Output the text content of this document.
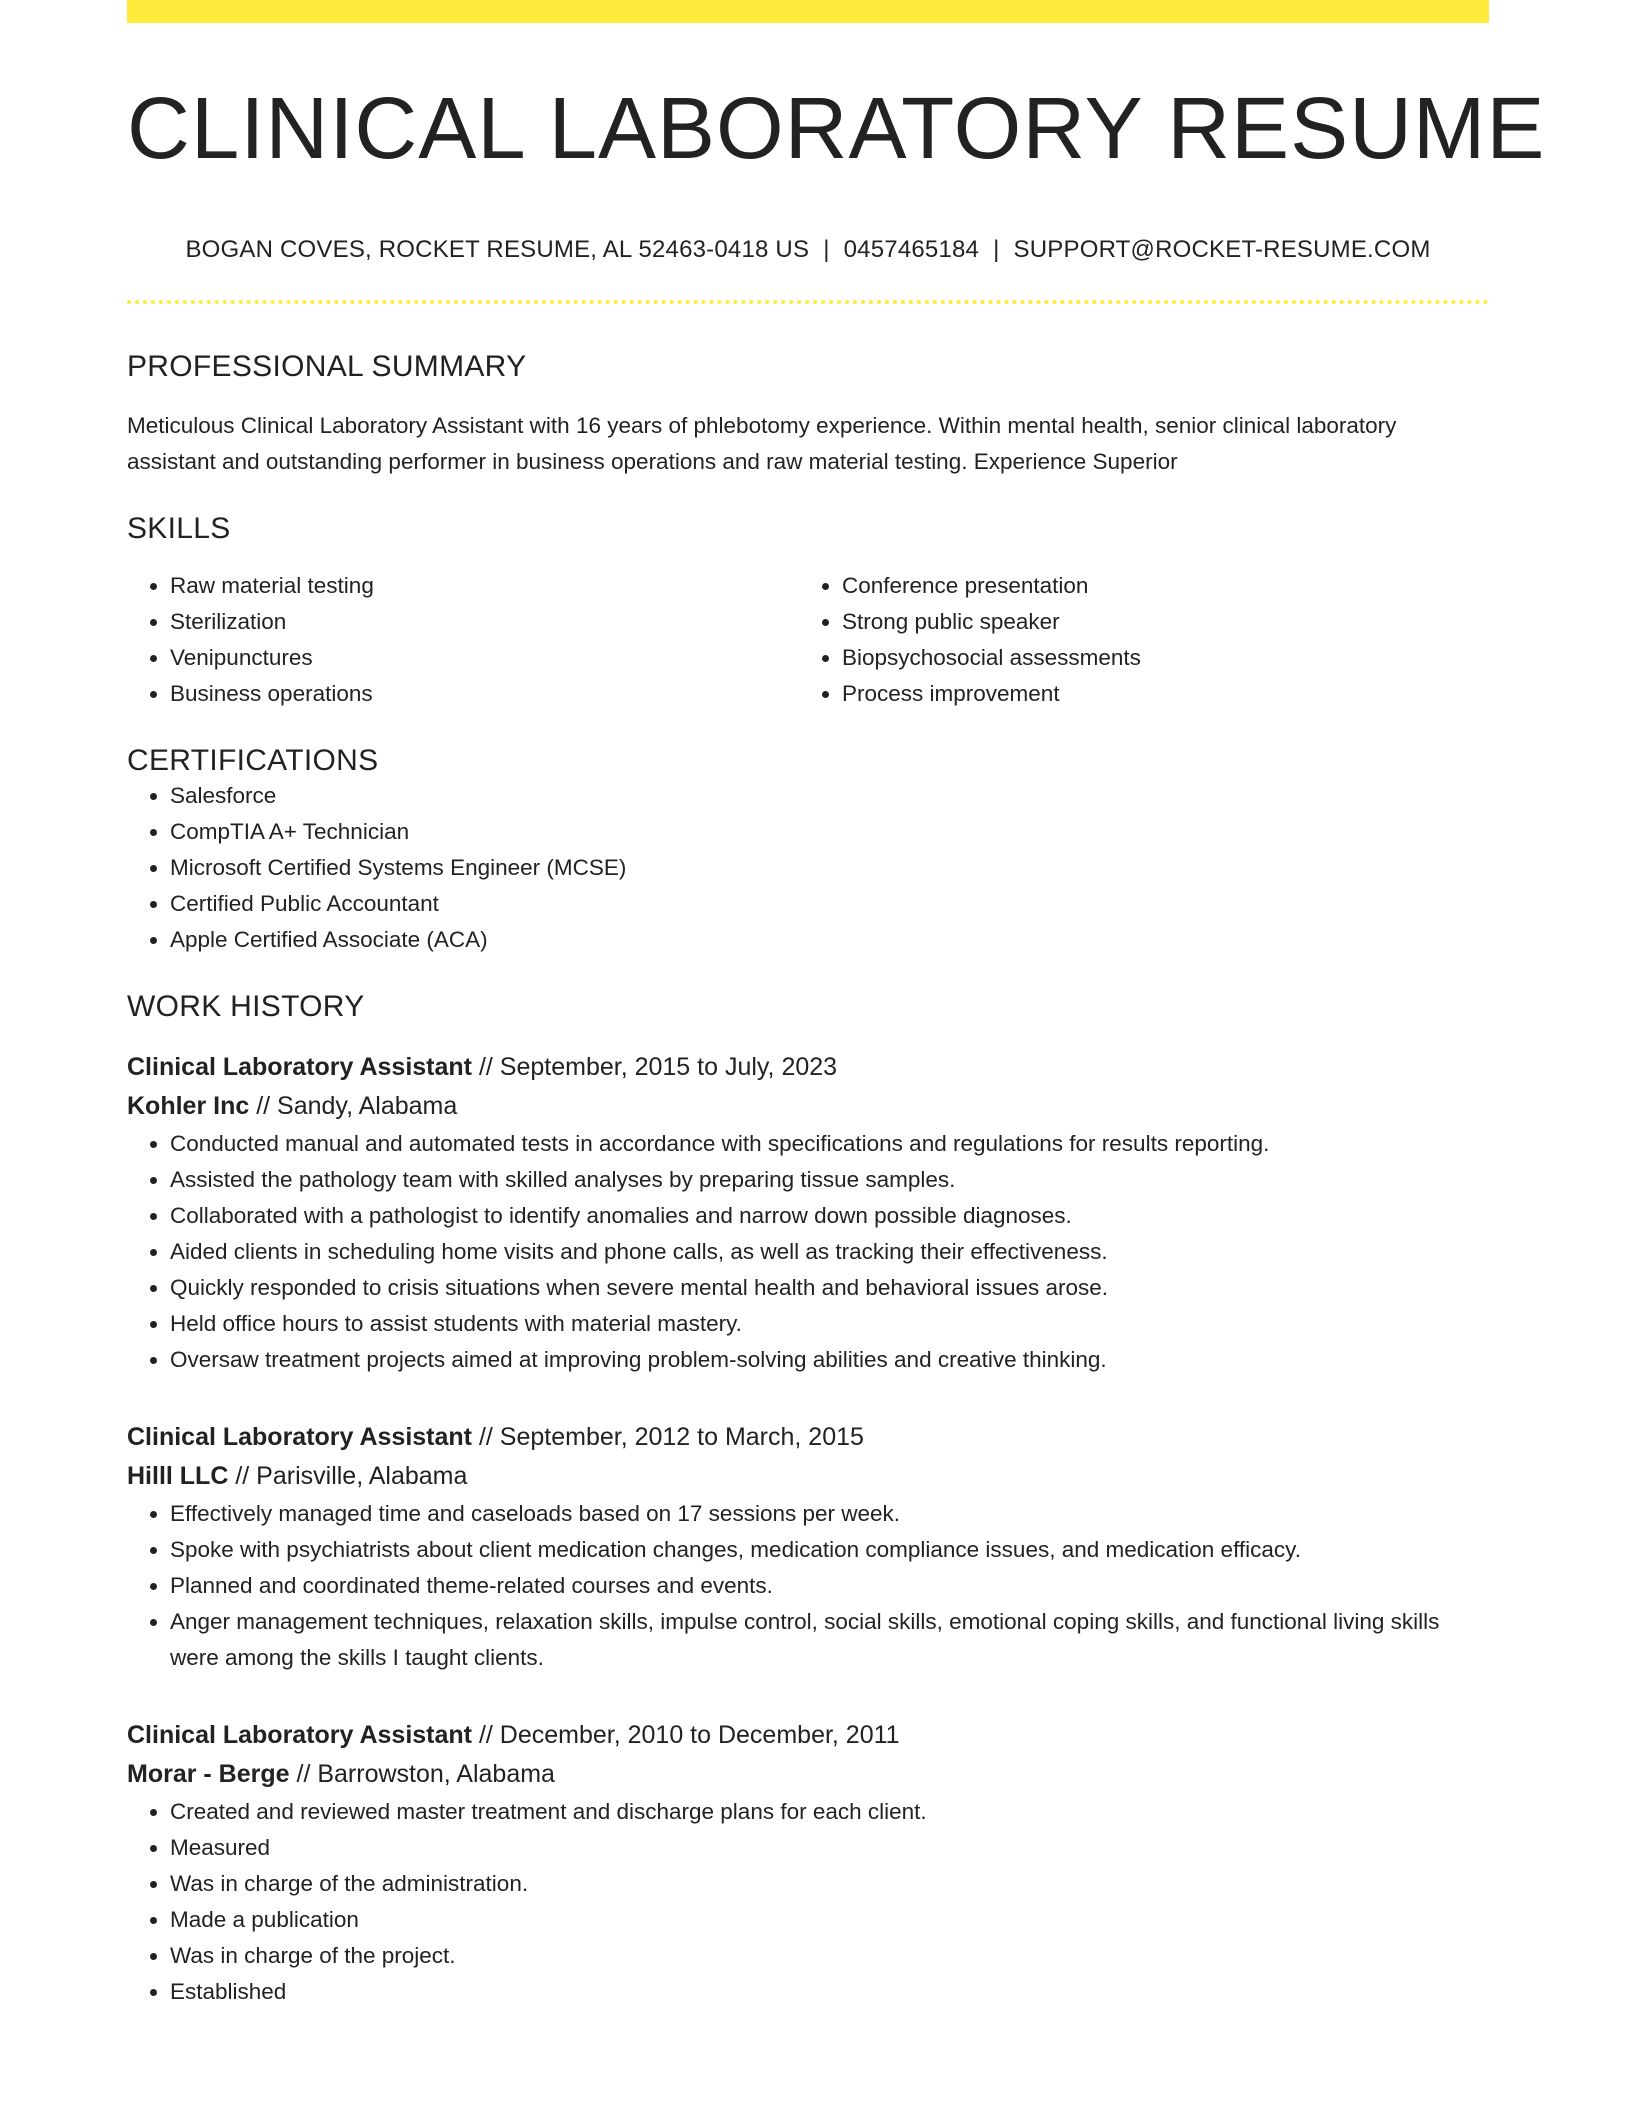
CLINICAL LABORATORY RESUME
BOGAN COVES, ROCKET RESUME, AL 52463-0418 US | 0457465184 | SUPPORT@ROCKET-RESUME.COM
PROFESSIONAL SUMMARY
Meticulous Clinical Laboratory Assistant with 16 years of phlebotomy experience. Within mental health, senior clinical laboratory assistant and outstanding performer in business operations and raw material testing. Experience Superior
SKILLS
• Raw material testing
• Sterilization
• Venipunctures
• Business operations
• Conference presentation
• Strong public speaker
• Biopsychosocial assessments
• Process improvement
CERTIFICATIONS
• Salesforce
• CompTIA A+ Technician
• Microsoft Certified Systems Engineer (MCSE)
• Certified Public Accountant
• Apple Certified Associate (ACA)
WORK HISTORY
Clinical Laboratory Assistant // September, 2015 to July, 2023
Kohler Inc // Sandy, Alabama
• Conducted manual and automated tests in accordance with specifications and regulations for results reporting.
• Assisted the pathology team with skilled analyses by preparing tissue samples.
• Collaborated with a pathologist to identify anomalies and narrow down possible diagnoses.
• Aided clients in scheduling home visits and phone calls, as well as tracking their effectiveness.
• Quickly responded to crisis situations when severe mental health and behavioral issues arose.
• Held office hours to assist students with material mastery.
• Oversaw treatment projects aimed at improving problem-solving abilities and creative thinking.
Clinical Laboratory Assistant // September, 2012 to March, 2015
Hilll LLC // Parisville, Alabama
• Effectively managed time and caseloads based on 17 sessions per week.
• Spoke with psychiatrists about client medication changes, medication compliance issues, and medication efficacy.
• Planned and coordinated theme-related courses and events.
• Anger management techniques, relaxation skills, impulse control, social skills, emotional coping skills, and functional living skills were among the skills I taught clients.
Clinical Laboratory Assistant // December, 2010 to December, 2011
Morar - Berge // Barrowston, Alabama
• Created and reviewed master treatment and discharge plans for each client.
• Measured
• Was in charge of the administration.
• Made a publication
• Was in charge of the project.
• Established
